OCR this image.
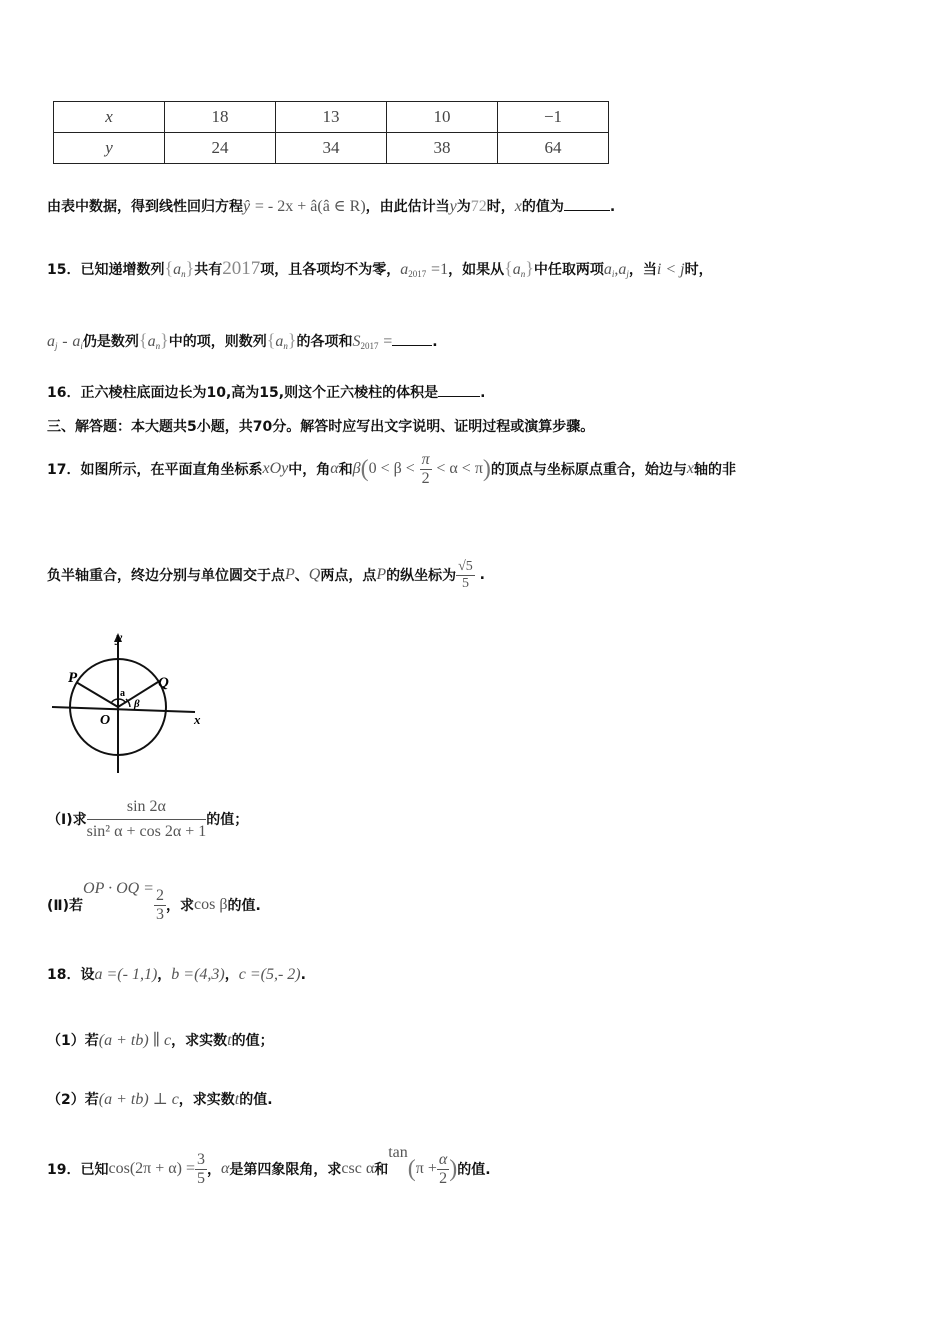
x	18	13	10	−1
y	24	34	38	64
由表中数据，得到线性回归方程ŷ = - 2x + â(â ∈ R)，由此估计当y为72时，x的值为	.
15．已知递增数列$\{a_n\}$共有2017项，且各项均不为零，$a_{2017} =1$，如果从$\{a_n\}$中任取两项$a_i,a_j$，当i < j时，
$a_j - a_i$仍是数列$\{a_n\}$中的项，则数列$\{a_n\}$的各项和$S_{2017}$ =	.
16．正六棱柱底面边长为10,高为15,则这个正六棱柱的体积是	.
三、解答题：本大题共5小题，共70分。解答时应写出文字说明、证明过程或演算步骤。
17．如图所示，在平面直角坐标系 xOy 中，角 α 和 β ( 0 < β <
$\frac{\pi}{2}$
< α < π ) 的顶点与坐标原点重合，始边与 x 轴的非
负半轴重合，终边分别与单位圆交于点 P 、 Q 两点，点 P 的纵坐标为 $\frac{√5}{5}$
.
y
x
P	Q
O
a
β
（Ⅰ)求 $\frac{\sin 2\alpha}{\text{sin² α + cos 2α + 1}}$ 的值；
(Ⅱ)若
OP · OQ = $\frac{2}{3}$ ，求 cos β 的值.
18．设a =(- 1,1)，b =(4,3)，c =(5,- 2).
（1）若(a + tb) ∥ c，求实数t的值；
（2）若(a + tb) ⊥ c，求实数t的值.
19．已知 $\cos(2\pi + \alpha) = \frac{3}{5}$ ， α 是第四象限角，求 csc α 和
tan
( $\pi + \frac{\alpha}{2}$ ) 的值.
